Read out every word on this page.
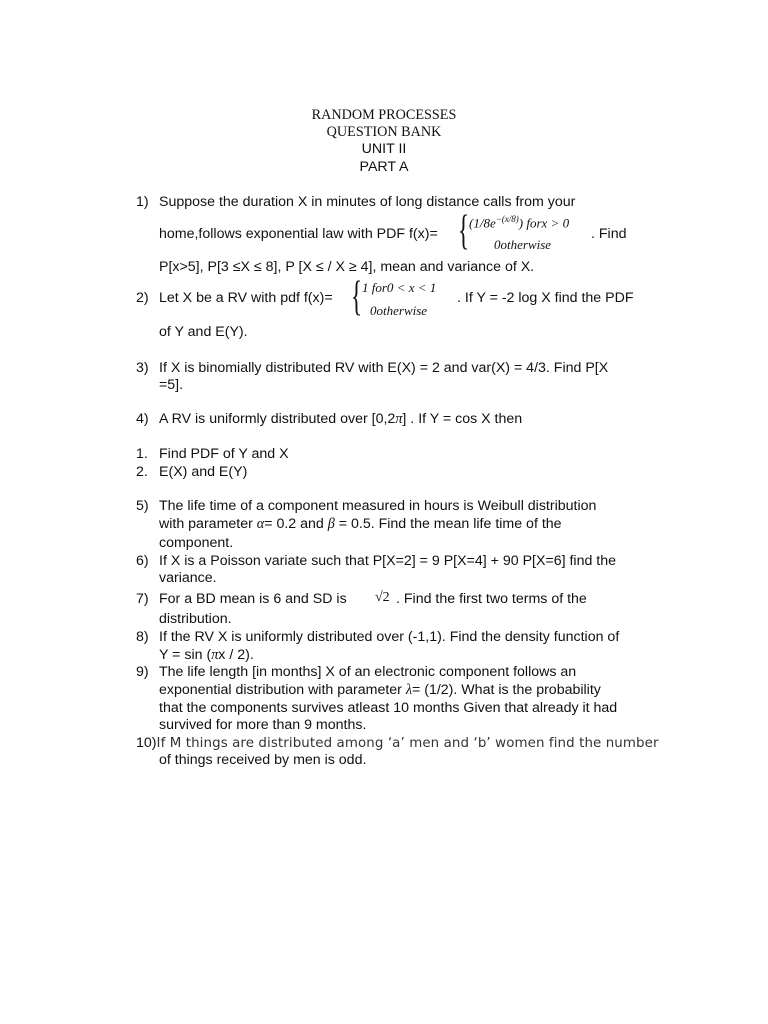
RANDOM PROCESSES
QUESTION BANK
UNIT II
PART A
1) Suppose the duration X in minutes of long distance calls from your
home,follows exponential law with PDF f(x)= { $(1/8e^{-(x/8)})$ forx > 0
0otherwise
. Find
P[x>5], P[3 ≤X ≤ 8], P [X ≤ / X ≥ 4], mean and variance of X.
2) Let X be a RV with pdf f(x)= { 1 for0 < x < 1
0otherwise
. If Y = -2 log X find the PDF
of Y and E(Y).
3) If X is binomially distributed RV with E(X) = 2 and var(X) = 4/3. Find P[X
=5].
4) A RV is uniformly distributed over [0,2π] . If Y = cos X then
1. Find PDF of Y and X
2. E(X) and E(Y)
5) The life time of a component measured in hours is Weibull distribution
with parameter α= 0.2 and β = 0.5. Find the mean life time of the
component.
6) If X is a Poisson variate such that P[X=2] = 9 P[X=4] + 90 P[X=6] find the
variance.
7) For a BD mean is 6 and SD is √2 . Find the first two terms of the
distribution.
8) If the RV X is uniformly distributed over (-1,1). Find the density function of
Y = sin (πx / 2).
9) The life length [in months] X of an electronic component follows an
exponential distribution with parameter λ= (1/2). What is the probability
that the components survives atleast 10 months Given that already it had
survived for more than 9 months.
10)If M things are distributed among ‘a’ men and ‘b’ women find the number
of things received by men is odd.
